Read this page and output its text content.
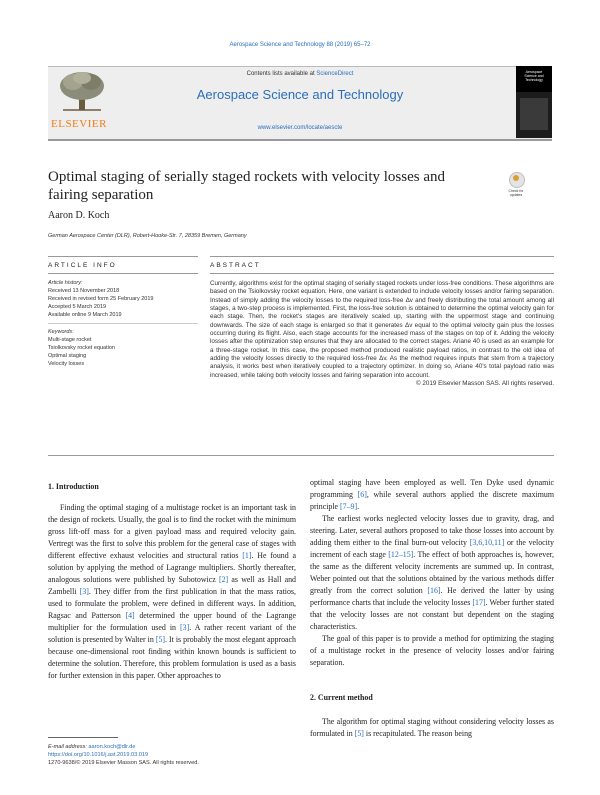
Aerospace Science and Technology 88 (2019) 65–72
ELSEVIER
Contents lists available at ScienceDirect
Aerospace Science and Technology
www.elsevier.com/locate/aescte
Aerospace Science and Technology
Optimal staging of serially staged rockets with velocity losses and fairing separation	Check for updates
Aaron D. Koch
German Aerospace Center (DLR), Robert-Hooke-Str. 7, 28359 Bremen, Germany
ARTICLE INFO
Article history:
Received 13 November 2018
Received in revised form 25 February 2019
Accepted 5 March 2019
Available online 9 March 2019
Keywords:
Multi-stage rocket
Tsiolkovsky rocket equation
Optimal staging
Velocity losses
ABSTRACT
Currently, algorithms exist for the optimal staging of serially staged rockets under loss-free conditions. These algorithms are based on the Tsiolkovsky rocket equation. Here, one variant is extended to include velocity losses and/or fairing separation. Instead of simply adding the velocity losses to the required loss-free Δv and freely distributing the total amount among all stages, a two-step process is implemented. First, the loss-free solution is obtained to determine the optimal velocity gain for each stage. Then, the rocket's stages are iteratively scaled up, starting with the uppermost stage and continuing downwards. The size of each stage is enlarged so that it generates Δv equal to the optimal velocity gain plus the losses occurring during its flight. Also, each stage accounts for the increased mass of the stages on top of it. Adding the velocity losses after the optimization step ensures that they are allocated to the correct stages. Ariane 40 is used as an example for a three-stage rocket. In this case, the proposed method produced realistic payload ratios, in contrast to the old idea of adding the velocity losses directly to the required loss-free Δv. As the method requires inputs that stem from a trajectory analysis, it works best when iteratively coupled to a trajectory optimizer. In doing so, Ariane 40's total payload ratio was increased, while taking both velocity losses and fairing separation into account.
© 2019 Elsevier Masson SAS. All rights reserved.
1. Introduction

Finding the optimal staging of a multistage rocket is an important task in the design of rockets. Usually, the goal is to find the rocket with the minimum gross lift-off mass for a given payload mass and required velocity gain. Vertregt was the first to solve this problem for the general case of stages with different effective exhaust velocities and structural ratios [1]. He found a solution by applying the method of Lagrange multipliers. Shortly thereafter, analogous solutions were published by Subotowicz [2] as well as Hall and Zambelli [3]. They differ from the first publication in that the mass ratios, used to formulate the problem, were defined in different ways. In addition, Ragsac and Patterson [4] determined the upper bound of the Lagrange multiplier for the formulation used in [3]. A rather recent variant of the solution is presented by Walter in [5]. It is probably the most elegant approach because one-dimensional root finding within known bounds is sufficient to determine the solution. Therefore, this problem formulation is used as a basis for further extension in this paper. Other approaches to

optimal staging have been employed as well. Ten Dyke used dynamic programming [6], while several authors applied the discrete maximum principle [7–9].

The earliest works neglected velocity losses due to gravity, drag, and steering. Later, several authors proposed to take those losses into account by adding them either to the final burn-out velocity [3,6,10,11] or the velocity increment of each stage [12–15]. The effect of both approaches is, however, the same as the different velocity increments are summed up. In contrast, Weber pointed out that the solutions obtained by the various methods differ greatly from the correct solution [16]. He derived the latter by using performance charts that include the velocity losses [17]. Weber further stated that the velocity losses are not constant but dependent on the staging characteristics.

The goal of this paper is to provide a method for optimizing the staging of a multistage rocket in the presence of velocity losses and/or fairing separation.

2. Current method

The algorithm for optimal staging without considering velocity losses as formulated in [5] is recapitulated. The reason being

E-mail address: aaron.koch@dlr.de
https://doi.org/10.1016/j.ast.2019.03.019
1270-9638/© 2019 Elsevier Masson SAS. All rights reserved.
